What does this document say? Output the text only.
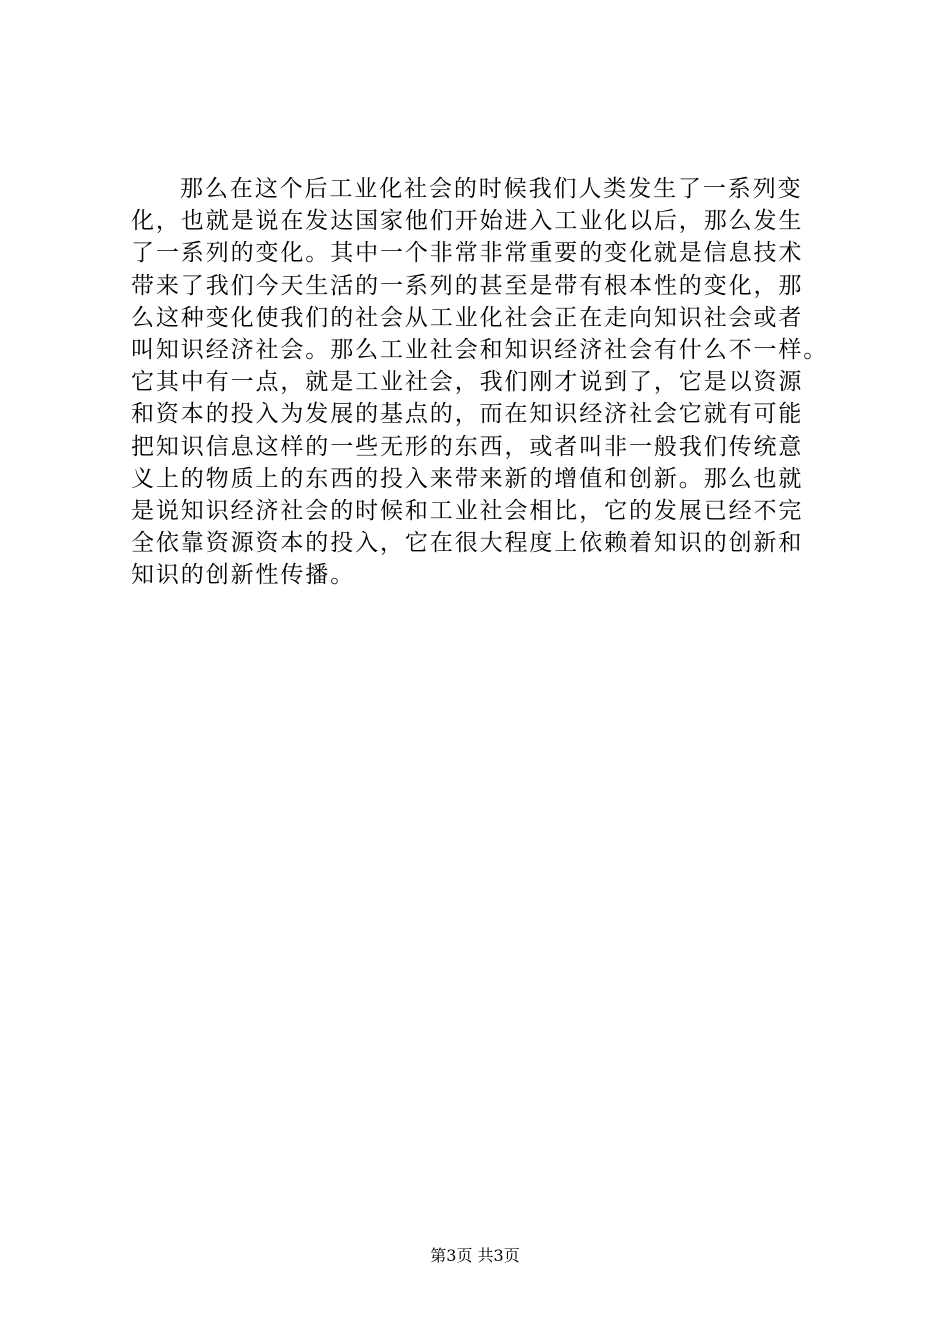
那么在这个后工业化社会的时候我们人类发生了一系列变
化，也就是说在发达国家他们开始进入工业化以后，那么发生
了一系列的变化。其中一个非常非常重要的变化就是信息技术
带来了我们今天生活的一系列的甚至是带有根本性的变化，那
么这种变化使我们的社会从工业化社会正在走向知识社会或者
叫知识经济社会。那么工业社会和知识经济社会有什么不一样。
它其中有一点，就是工业社会，我们刚才说到了，它是以资源
和资本的投入为发展的基点的，而在知识经济社会它就有可能
把知识信息这样的一些无形的东西，或者叫非一般我们传统意
义上的物质上的东西的投入来带来新的增值和创新。那么也就
是说知识经济社会的时候和工业社会相比，它的发展已经不完
全依靠资源资本的投入，它在很大程度上依赖着知识的创新和
知识的创新性传播。
第3页 共3页
